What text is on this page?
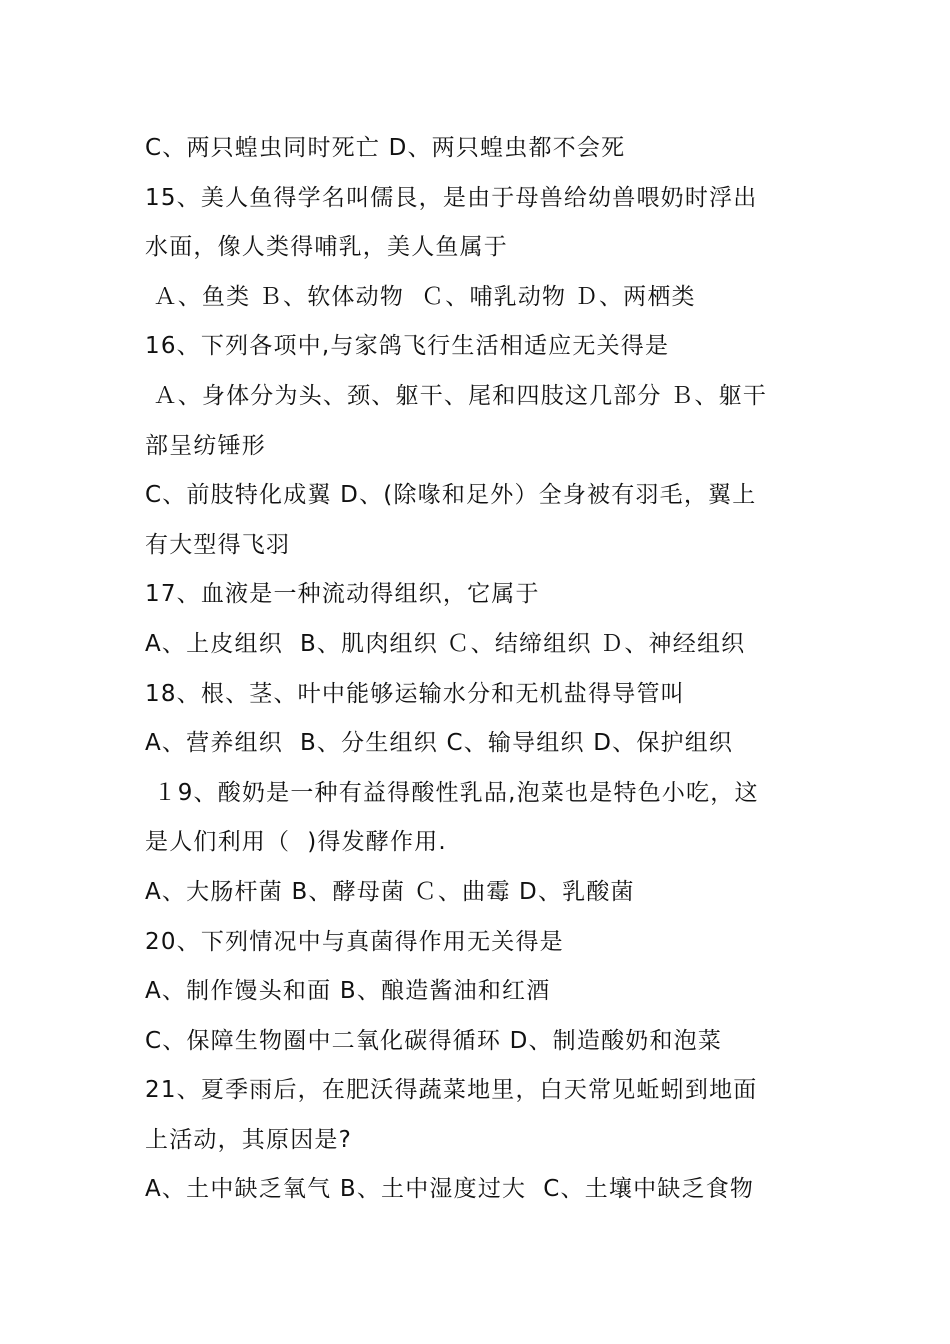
C、两只蝗虫同时死亡 D、两只蝗虫都不会死
15、美人鱼得学名叫儒艮，是由于母兽给幼兽喂奶时浮出
水面，像人类得哺乳，美人鱼属于
Ａ、鱼类 Ｂ、软体动物  Ｃ、哺乳动物 Ｄ、两栖类
16、下列各项中,与家鸽飞行生活相适应无关得是
Ａ、身体分为头、颈、躯干、尾和四肢这几部分 Ｂ、躯干
部呈纺锤形
C、前肢特化成翼 D、(除喙和足外）全身被有羽毛，翼上
有大型得飞羽
17、血液是一种流动得组织，它属于
A、上皮组织  B、肌肉组织 Ｃ、结缔组织 Ｄ、神经组织
18、根、茎、叶中能够运输水分和无机盐得导管叫
A、营养组织  B、分生组织 C、输导组织 D、保护组织
１9、酸奶是一种有益得酸性乳品,泡菜也是特色小吃，这
是人们利用（  )得发酵作用.
A、大肠杆菌 B、酵母菌 Ｃ、曲霉 D、乳酸菌
20、下列情况中与真菌得作用无关得是
A、制作馒头和面 B、酿造酱油和红酒
C、保障生物圈中二氧化碳得循环 D、制造酸奶和泡菜
21、夏季雨后，在肥沃得蔬菜地里，白天常见蚯蚓到地面
上活动，其原因是?
A、土中缺乏氧气 B、土中湿度过大  C、土壤中缺乏食物
